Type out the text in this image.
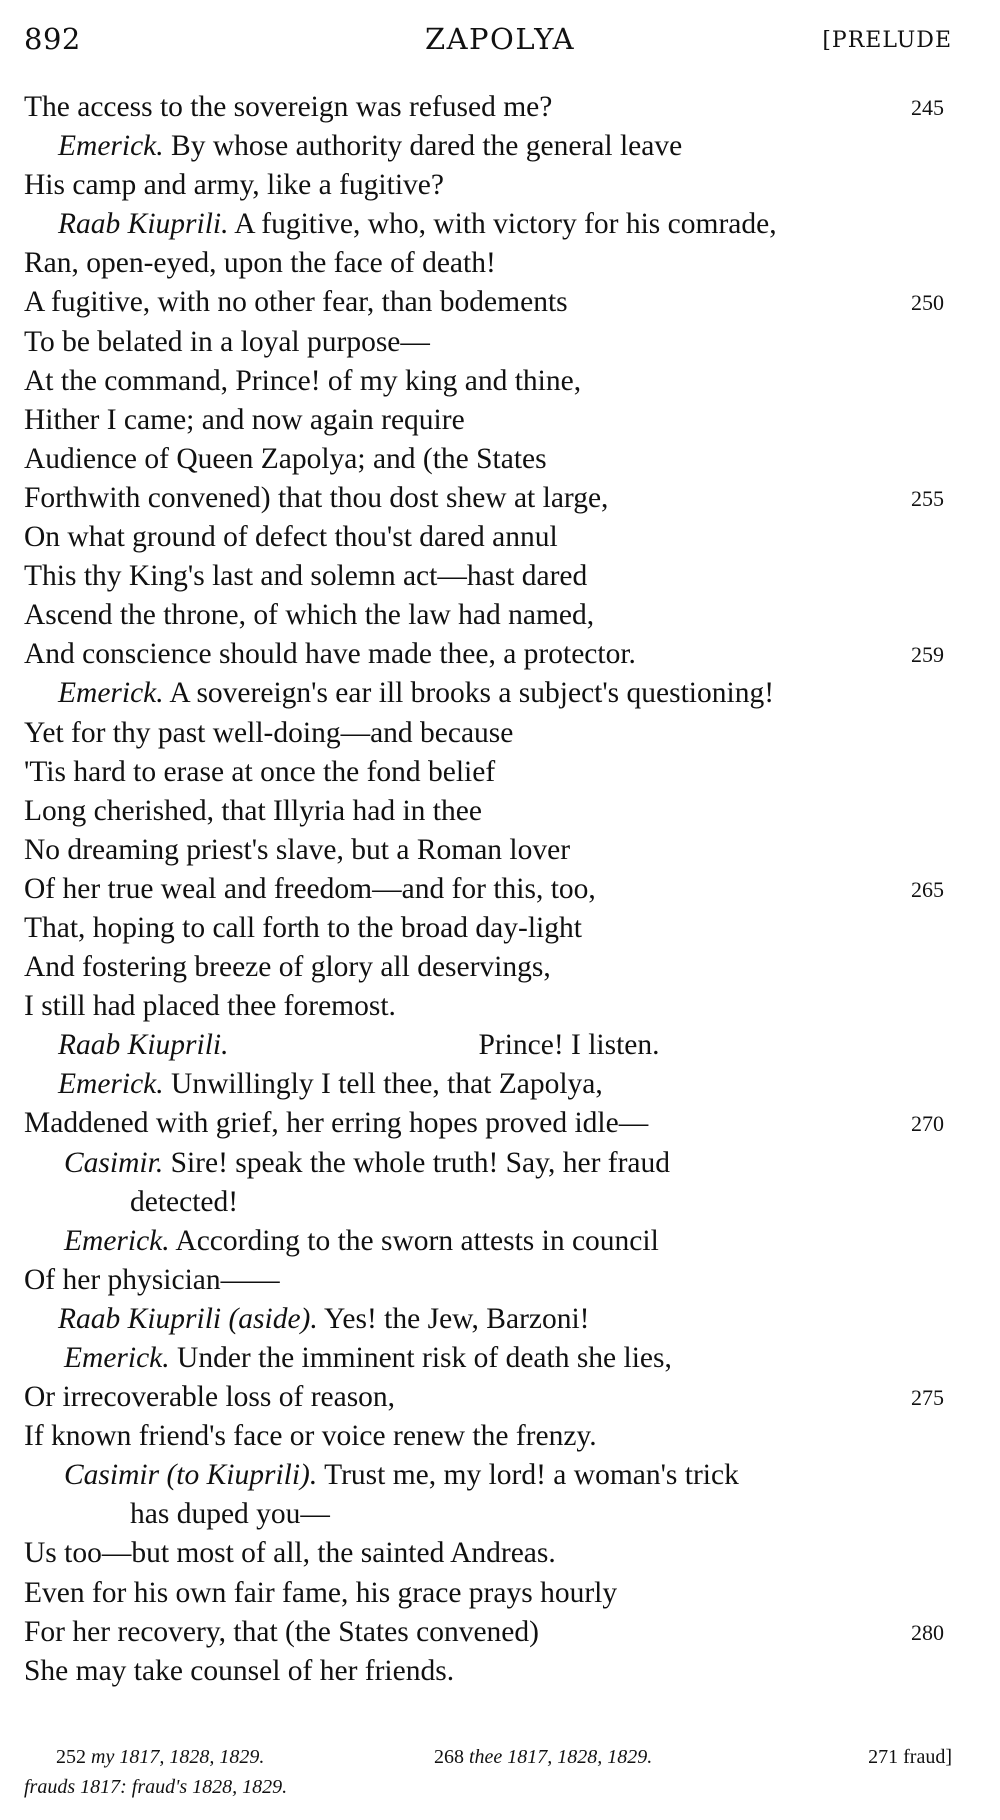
892	ZAPOLYA	[PRELUDE
The access to the sovereign was refused me?	245
Emerick. By whose authority dared the general leave
His camp and army, like a fugitive?
Raab Kiuprili. A fugitive, who, with victory for his comrade,
Ran, open-eyed, upon the face of death!
A fugitive, with no other fear, than bodements	250
To be belated in a loyal purpose—
At the command, Prince! of my king and thine,
Hither I came; and now again require
Audience of Queen Zapolya; and (the States
Forthwith convened) that thou dost shew at large,	255
On what ground of defect thou'st dared annul
This thy King's last and solemn act—hast dared
Ascend the throne, of which the law had named,
And conscience should have made thee, a protector.	259
Emerick. A sovereign's ear ill brooks a subject's questioning!
Yet for thy past well-doing—and because
'Tis hard to erase at once the fond belief
Long cherished, that Illyria had in thee
No dreaming priest's slave, but a Roman lover
Of her true weal and freedom—and for this, too,	265
That, hoping to call forth to the broad day-light
And fostering breeze of glory all deservings,
I still had placed thee foremost.
Raab Kiuprili.	Prince! I listen.
Emerick. Unwillingly I tell thee, that Zapolya,
Maddened with grief, her erring hopes proved idle—	270
Casimir. Sire! speak the whole truth! Say, her fraud
detected!
Emerick. According to the sworn attests in council
Of her physician——
Raab Kiuprili (aside). Yes! the Jew, Barzoni!
Emerick. Under the imminent risk of death she lies,
Or irrecoverable loss of reason,	275
If known friend's face or voice renew the frenzy.
Casimir (to Kiuprili). Trust me, my lord! a woman's trick
has duped you—
Us too—but most of all, the sainted Andreas.
Even for his own fair fame, his grace prays hourly
For her recovery, that (the States convened)	280
She may take counsel of her friends.
252 my 1817, 1828, 1829.	268 thee 1817, 1828, 1829.	271 fraud]
frauds 1817: fraud's 1828, 1829.
